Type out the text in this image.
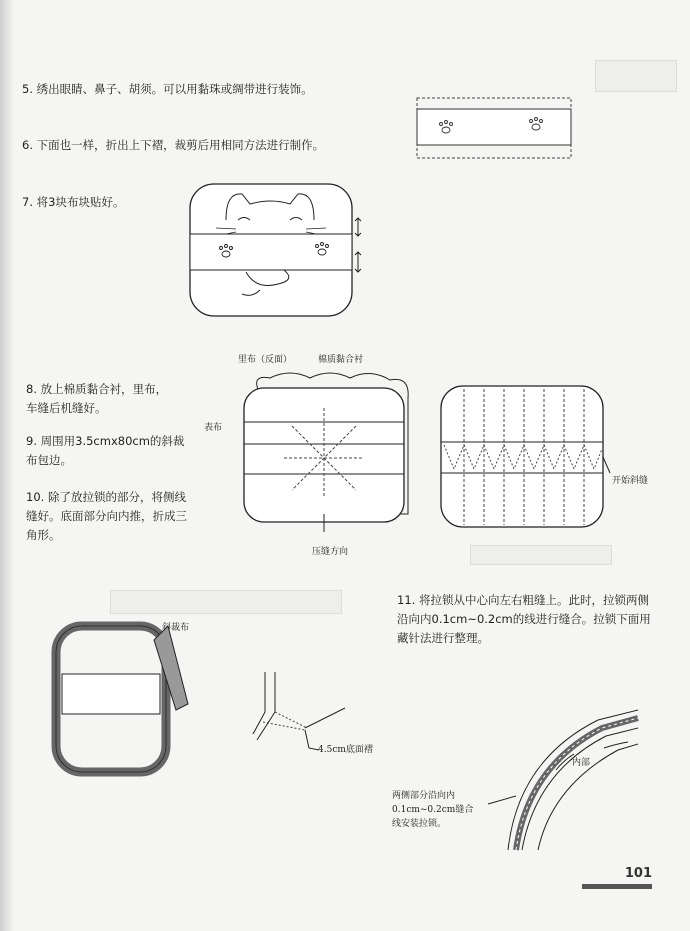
5. 绣出眼睛、鼻子、胡须。可以用黏珠或绸带进行装饰。
6. 下面也一样，折出上下褶，裁剪后用相同方法进行制作。
7. 将3块布块贴好。
8. 放上棉质黏合衬，里布，车缝后机缝好。
9. 周围用3.5cmx80cm的斜裁布包边。
10. 除了放拉锁的部分，将侧线缝好。底面部分向内推，折成三角形。
11. 将拉锁从中心向左右粗缝上。此时，拉锁两侧沿向内0.1cm~0.2cm的线进行缝合。拉锁下面用藏针法进行整理。
里布（反面）	棉质黏合衬
表布
压缝方向
开始斜缝
斜裁布
4.5cm底面褶
内部
两侧部分沿向内0.1cm~0.2cm缝合线安装拉锁。
101
